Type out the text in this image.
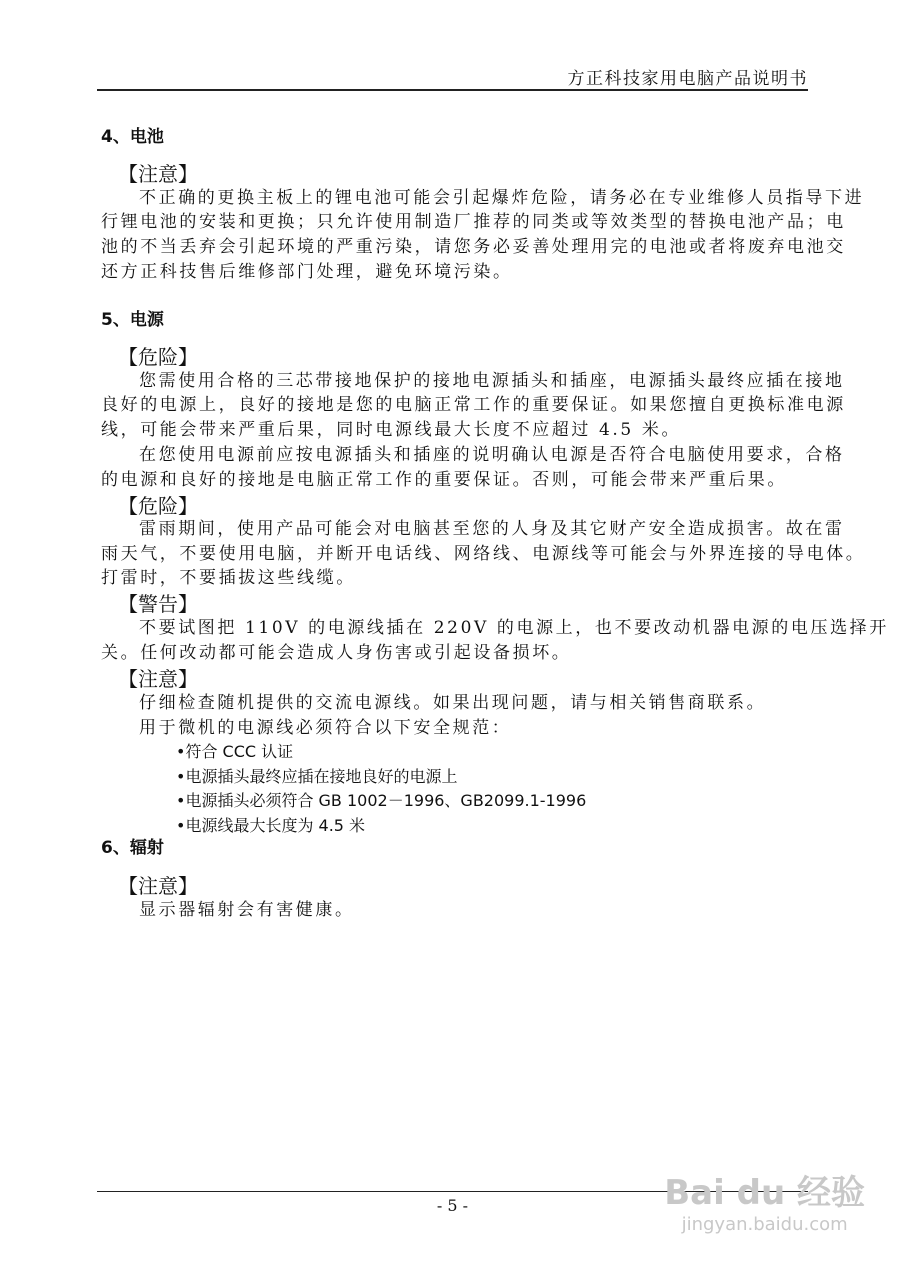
方正科技家用电脑产品说明书
4、电池
【注意】
不正确的更换主板上的锂电池可能会引起爆炸危险，请务必在专业维修人员指导下进
行锂电池的安装和更换；只允许使用制造厂推荐的同类或等效类型的替换电池产品；电
池的不当丢弃会引起环境的严重污染，请您务必妥善处理用完的电池或者将废弃电池交
还方正科技售后维修部门处理，避免环境污染。
5、电源
【危险】
您需使用合格的三芯带接地保护的接地电源插头和插座，电源插头最终应插在接地
良好的电源上，良好的接地是您的电脑正常工作的重要保证。如果您擅自更换标准电源
线，可能会带来严重后果，同时电源线最大长度不应超过 4.5 米。
在您使用电源前应按电源插头和插座的说明确认电源是否符合电脑使用要求，合格
的电源和良好的接地是电脑正常工作的重要保证。否则，可能会带来严重后果。
【危险】
雷雨期间，使用产品可能会对电脑甚至您的人身及其它财产安全造成损害。故在雷
雨天气，不要使用电脑，并断开电话线、网络线、电源线等可能会与外界连接的导电体。
打雷时，不要插拔这些线缆。
【警告】
不要试图把 110V 的电源线插在 220V 的电源上，也不要改动机器电源的电压选择开
关。任何改动都可能会造成人身伤害或引起设备损坏。
【注意】
仔细检查随机提供的交流电源线。如果出现问题，请与相关销售商联系。
用于微机的电源线必须符合以下安全规范：
•符合 CCC 认证
•电源插头最终应插在接地良好的电源上
•电源插头必须符合 GB 1002－1996、GB2099.1-1996
•电源线最大长度为 4.5 米
6、辐射
【注意】
显示器辐射会有害健康。
- 5 -	Bai du 经验
jingyan.baidu.com
